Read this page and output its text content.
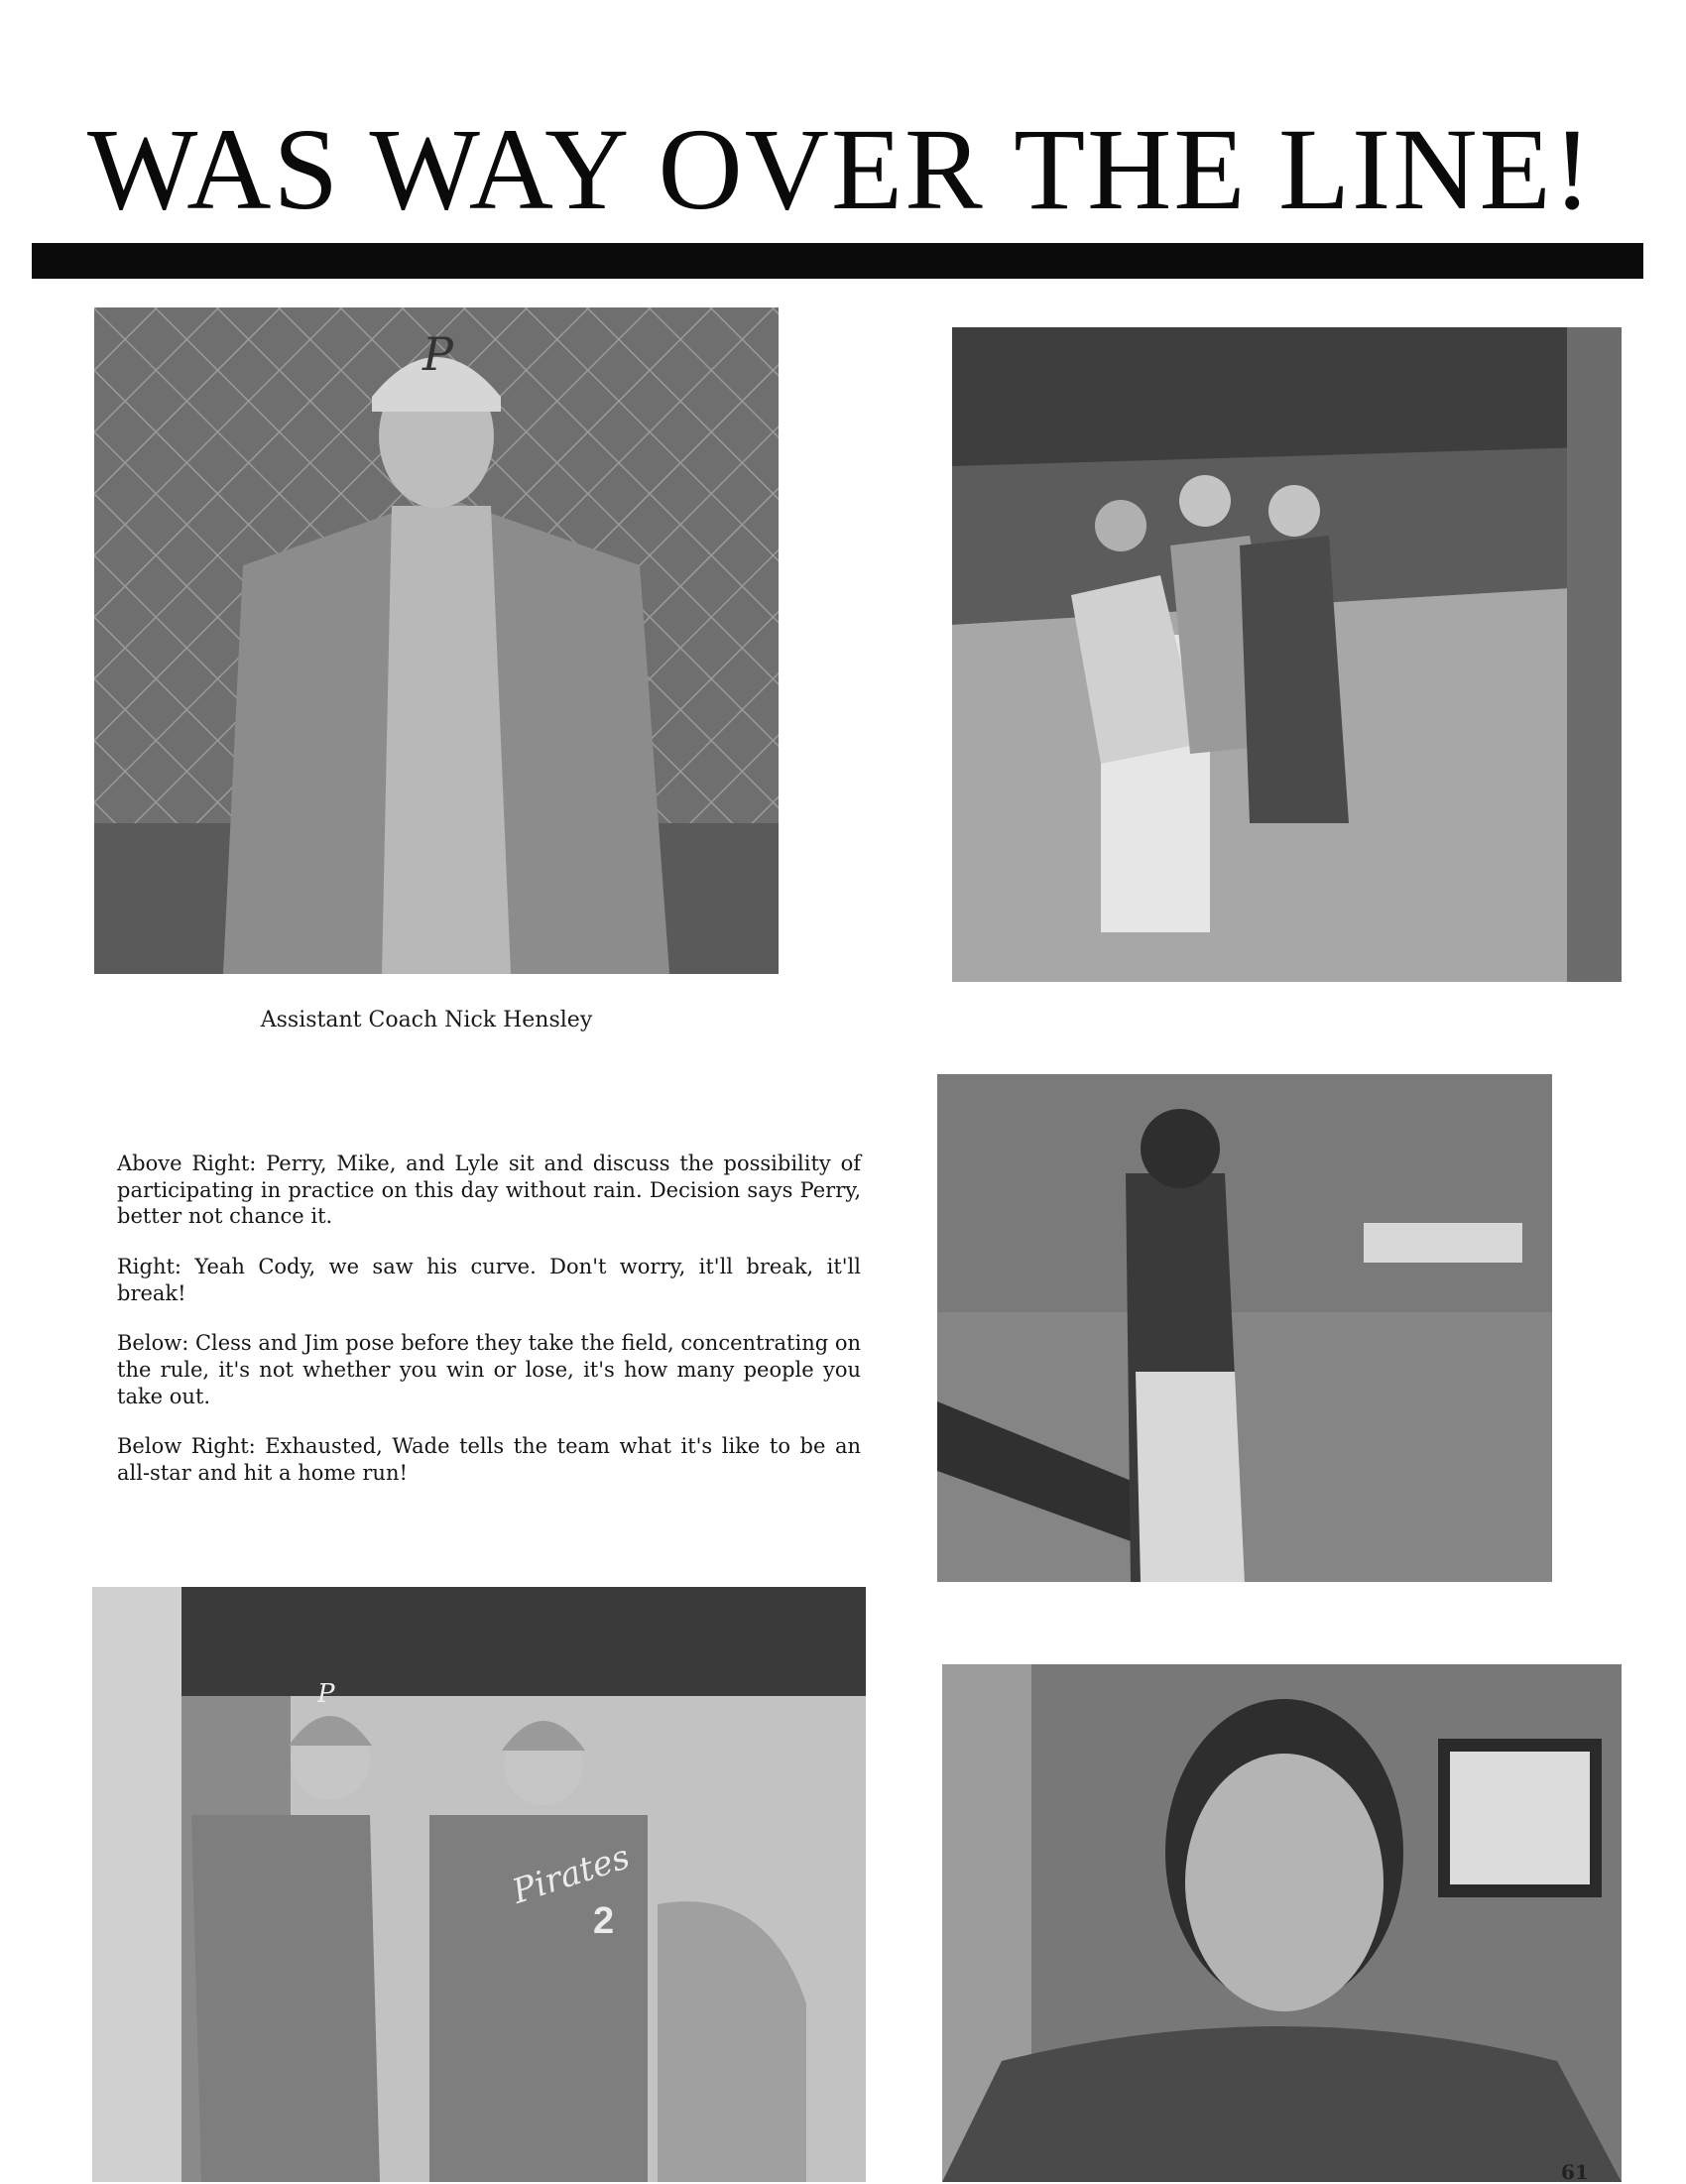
WAS WAY OVER THE LINE!
P

Assistant Coach Nick Hensley

Above Right: Perry, Mike, and Lyle sit and discuss the possibility of participating in practice on this day without rain. Decision says Perry, better not chance it.

Right: Yeah Cody, we saw his curve. Don't worry, it'll break, it'll break!

Below: Cless and Jim pose before they take the field, concentrating on the rule, it's not whether you win or lose, it's how many people you take out.

Below Right: Exhausted, Wade tells the team what it's like to be an all-star and hit a home run!

P
Pirates
2
61
